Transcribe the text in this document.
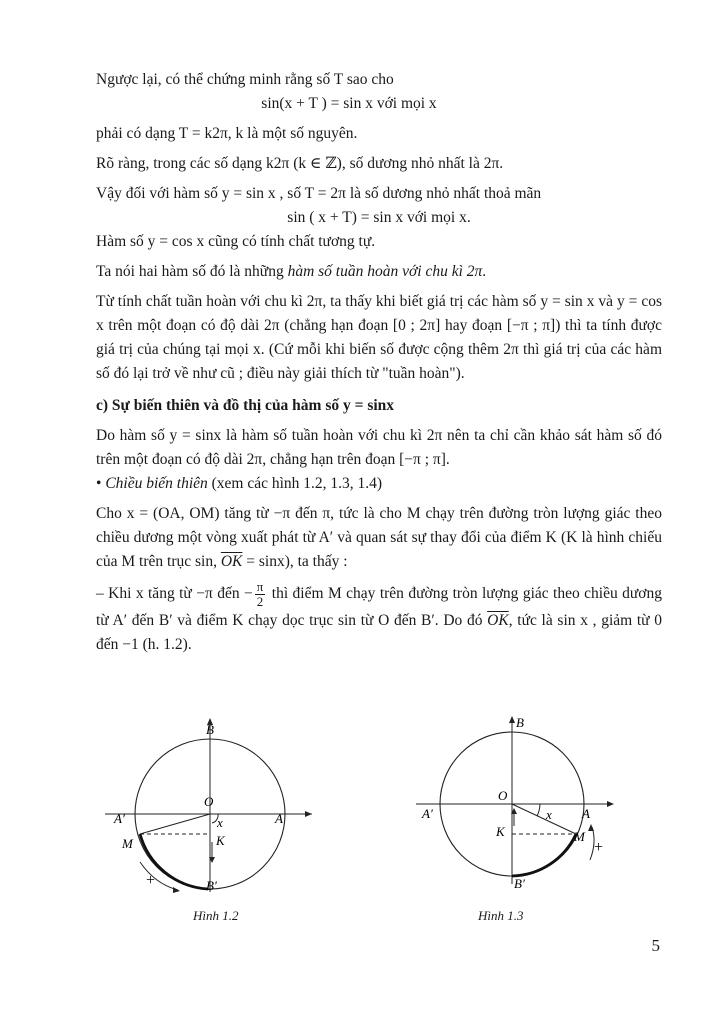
Ngược lại, có thể chứng minh rằng số T sao cho

sin(x + T ) = sin x với mọi x

phải có dạng T = k2π, k là một số nguyên.

Rõ ràng, trong các số dạng k2π (k ∈ ℤ), số dương nhỏ nhất là 2π.

Vậy đối với hàm số y = sin x , số T = 2π là số dương nhỏ nhất thoả mãn

sin ( x + T) = sin x với mọi x.

Hàm số y = cos x cũng có tính chất tương tự.

Ta nói hai hàm số đó là những hàm số tuần hoàn với chu kì 2π.

Từ tính chất tuần hoàn với chu kì 2π, ta thấy khi biết giá trị các hàm số y = sin x và y = cos x trên một đoạn có độ dài 2π (chẳng hạn đoạn [0 ; 2π] hay đoạn [−π ; π]) thì ta tính được giá trị của chúng tại mọi x. (Cứ mỗi khi biến số được cộng thêm 2π thì giá trị của các hàm số đó lại trở về như cũ ; điều này giải thích từ "tuần hoàn").

c) Sự biến thiên và đồ thị của hàm số y = sinx

Do hàm số y = sinx là hàm số tuần hoàn với chu kì 2π nên ta chỉ cần khảo sát hàm số đó trên một đoạn có độ dài 2π, chẳng hạn trên đoạn [−π ; π].

• Chiều biến thiên (xem các hình 1.2, 1.3, 1.4)

Cho x = (OA, OM) tăng từ −π đến π, tức là cho M chạy trên đường tròn lượng giác theo chiều dương một vòng xuất phát từ A′ và quan sát sự thay đổi của điểm K (K là hình chiếu của M trên trục sin, $\overline{OK} = \sin x$), ta thấy :

– Khi x tăng từ −π đến − $\frac{\pi}{2}$ thì điểm M chạy trên đường tròn lượng giác theo chiều dương từ A′ đến B′ và điểm K chạy dọc trục sin từ O đến B′. Do đó $\overline{OK}$, tức là sin x , giảm từ 0 đến −1 (h. 1.2).

B
O
A′	A
M
x
K
B′
+
Hình 1.2
B
O
A′	A
M
x
K
B′
+
Hình 1.3
5
